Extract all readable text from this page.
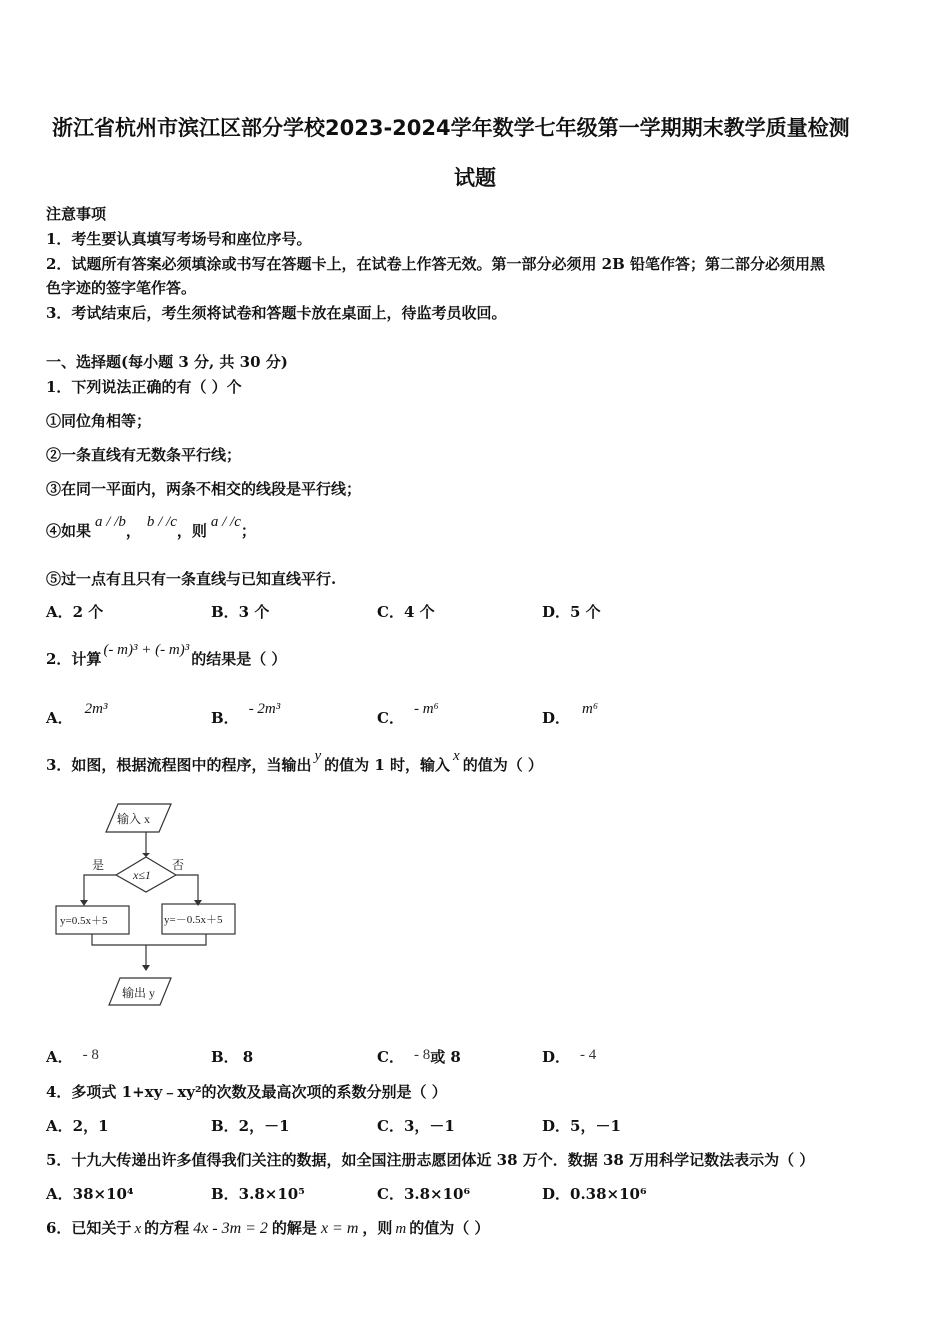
浙江省杭州市滨江区部分学校2023-2024学年数学七年级第一学期期末教学质量检测
试题
注意事项
1．考生要认真填写考场号和座位序号。
2．试题所有答案必须填涂或书写在答题卡上，在试卷上作答无效。第一部分必须用 2B 铅笔作答；第二部分必须用黑
色字迹的签字笔作答。
3．考试结束后，考生须将试卷和答题卡放在桌面上，待监考员收回。
一、选择题(每小题 3 分, 共 30 分)
1．下列说法正确的有（ ）个
①同位角相等；
②一条直线有无数条平行线；
③在同一平面内，两条不相交的线段是平行线；
④如果 a / /b， b / /c，则 a / /c；
⑤过一点有且只有一条直线与已知直线平行.
A．2 个	B．3 个	C．4 个	D．5 个
2．计算 (- m)³ + (- m)³ 的结果是（ ）
A． 2m³	B． - 2m³	C． - m⁶	D． m⁶
3．如图，根据流程图中的程序，当输出 y 的值为 1 时，输入 x 的值为（ ）
输入 x
x≤1
是	否
y=0.5x＋5	y=－0.5x＋5
输出 y
A． - 8	B． 8	C． - 8或 8	D． - 4
4．多项式 1+xy﹣xy²的次数及最高次项的系数分别是（ ）
A．2，1	B．2，－1	C．3，－1	D．5，－1
5．十九大传递出许多值得我们关注的数据，如全国注册志愿团体近 38 万个．数据 38 万用科学记数法表示为（ ）
A．38×10⁴	B．3.8×10⁵	C．3.8×10⁶	D．0.38×10⁶
6．已知关于 x 的方程 4x - 3m = 2 的解是 x = m ，则 m 的值为（ ）
